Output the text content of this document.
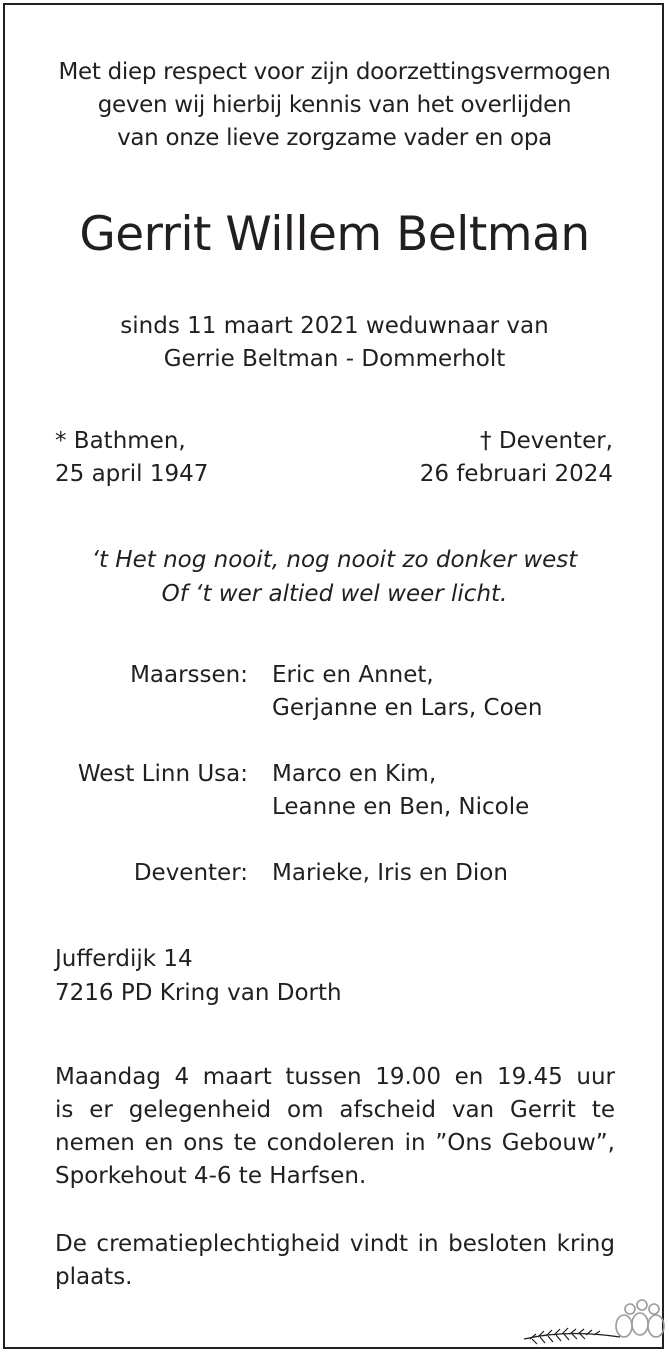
Met diep respect voor zijn doorzettingsvermogen
geven wij hierbij kennis van het overlijden
van onze lieve zorgzame vader en opa
Gerrit Willem Beltman
sinds 11 maart 2021 weduwnaar van
Gerrie Beltman - Dommerholt
* Bathmen,
25 april 1947
† Deventer,
26 februari 2024
‘t Het nog nooit, nog nooit zo donker west
Of ‘t wer altied wel weer licht.
Maarssen: Eric en Annet,
Gerjanne en Lars, Coen
West Linn Usa: Marco en Kim,
Leanne en Ben, Nicole
Deventer: Marieke, Iris en Dion
Jufferdijk 14
7216 PD Kring van Dorth
Maandag 4 maart tussen 19.00 en 19.45 uur
is er gelegenheid om afscheid van Gerrit te
nemen en ons te condoleren in ”Ons Gebouw”,
Sporkehout 4-6 te Harfsen.
De crematieplechtigheid vindt in besloten kring
plaats.
